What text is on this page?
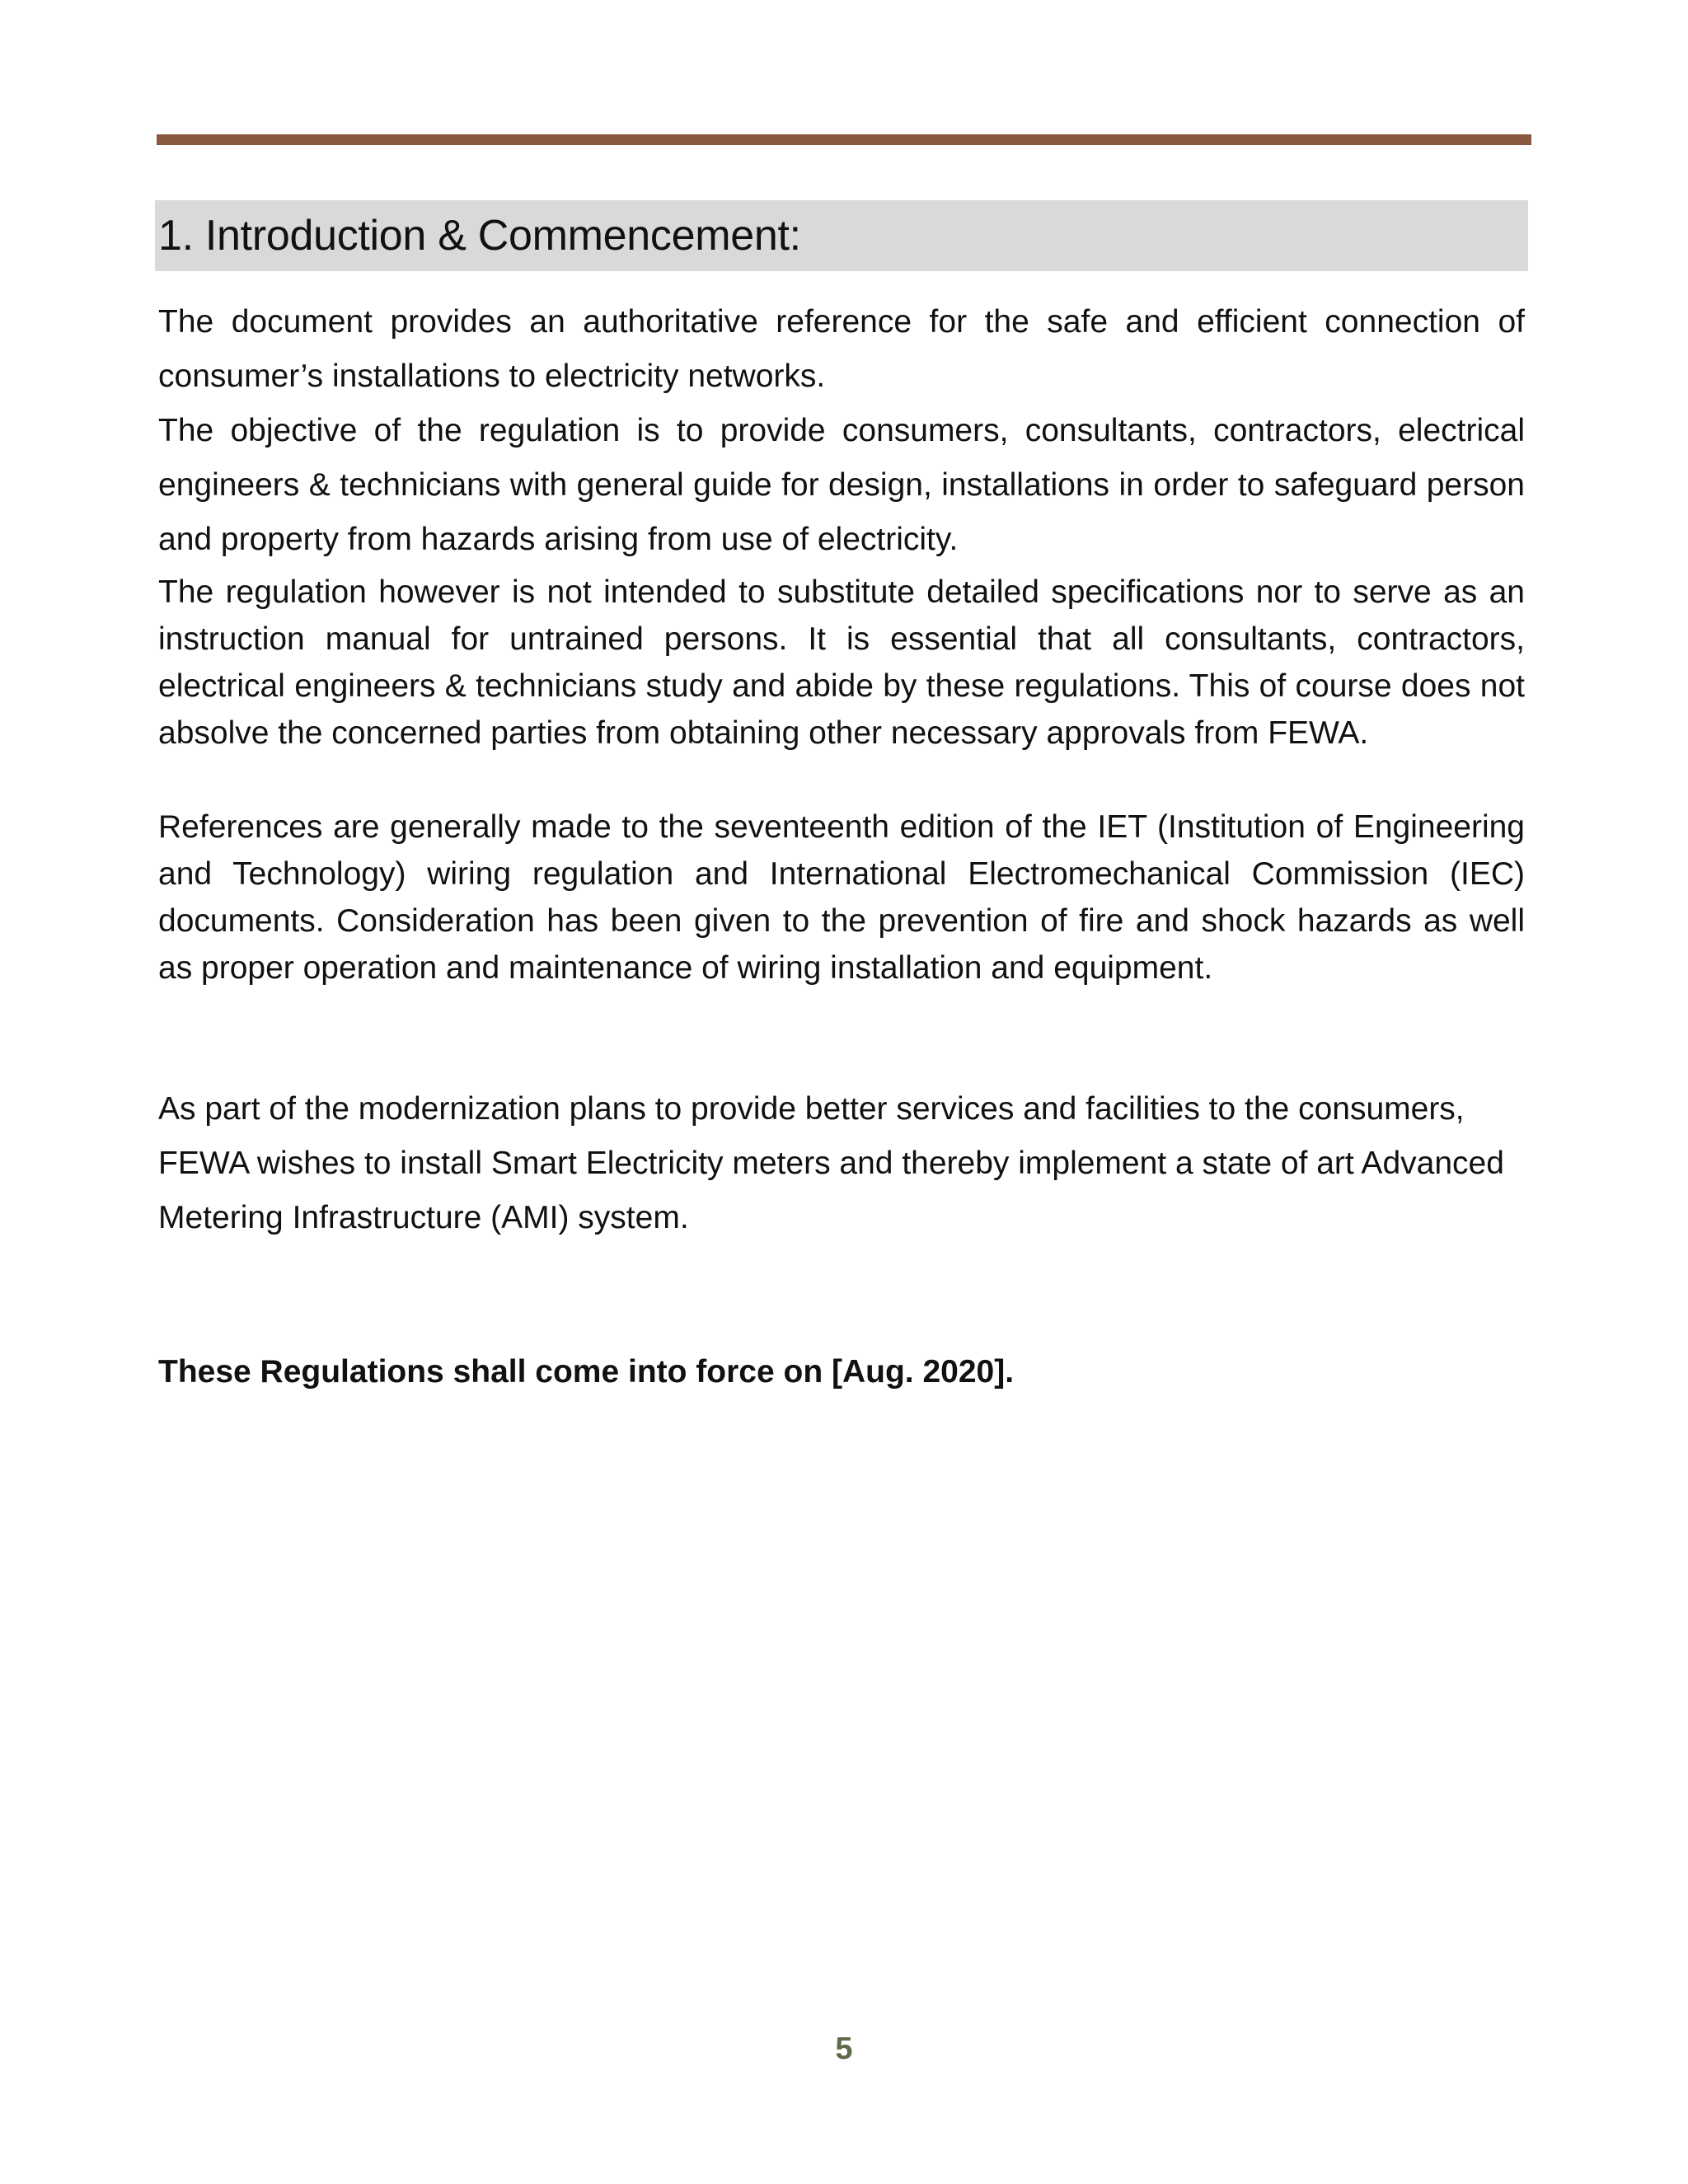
1. Introduction & Commencement:

The document provides an authoritative reference for the safe and efficient connection of consumer’s installations to electricity networks.

The objective of the regulation is to provide consumers, consultants, contractors, electrical engineers & technicians with general guide for design, installations in order to safeguard person and property from hazards arising from use of electricity.

The regulation however is not intended to substitute detailed specifications nor to serve as an instruction manual for untrained persons. It is essential that all consultants, contractors, electrical engineers & technicians study and abide by these regulations. This of course does not absolve the concerned parties from obtaining other necessary approvals from FEWA.

References are generally made to the seventeenth edition of the IET (Institution of Engineering and Technology) wiring regulation and International Electromechanical Commission (IEC) documents. Consideration has been given to the prevention of fire and shock hazards as well as proper operation and maintenance of wiring installation and equipment.

As part of the modernization plans to provide better services and facilities to the consumers, FEWA wishes to install Smart Electricity meters and thereby implement a state of art Advanced Metering Infrastructure (AMI) system.

These Regulations shall come into force on [Aug. 2020].

5
